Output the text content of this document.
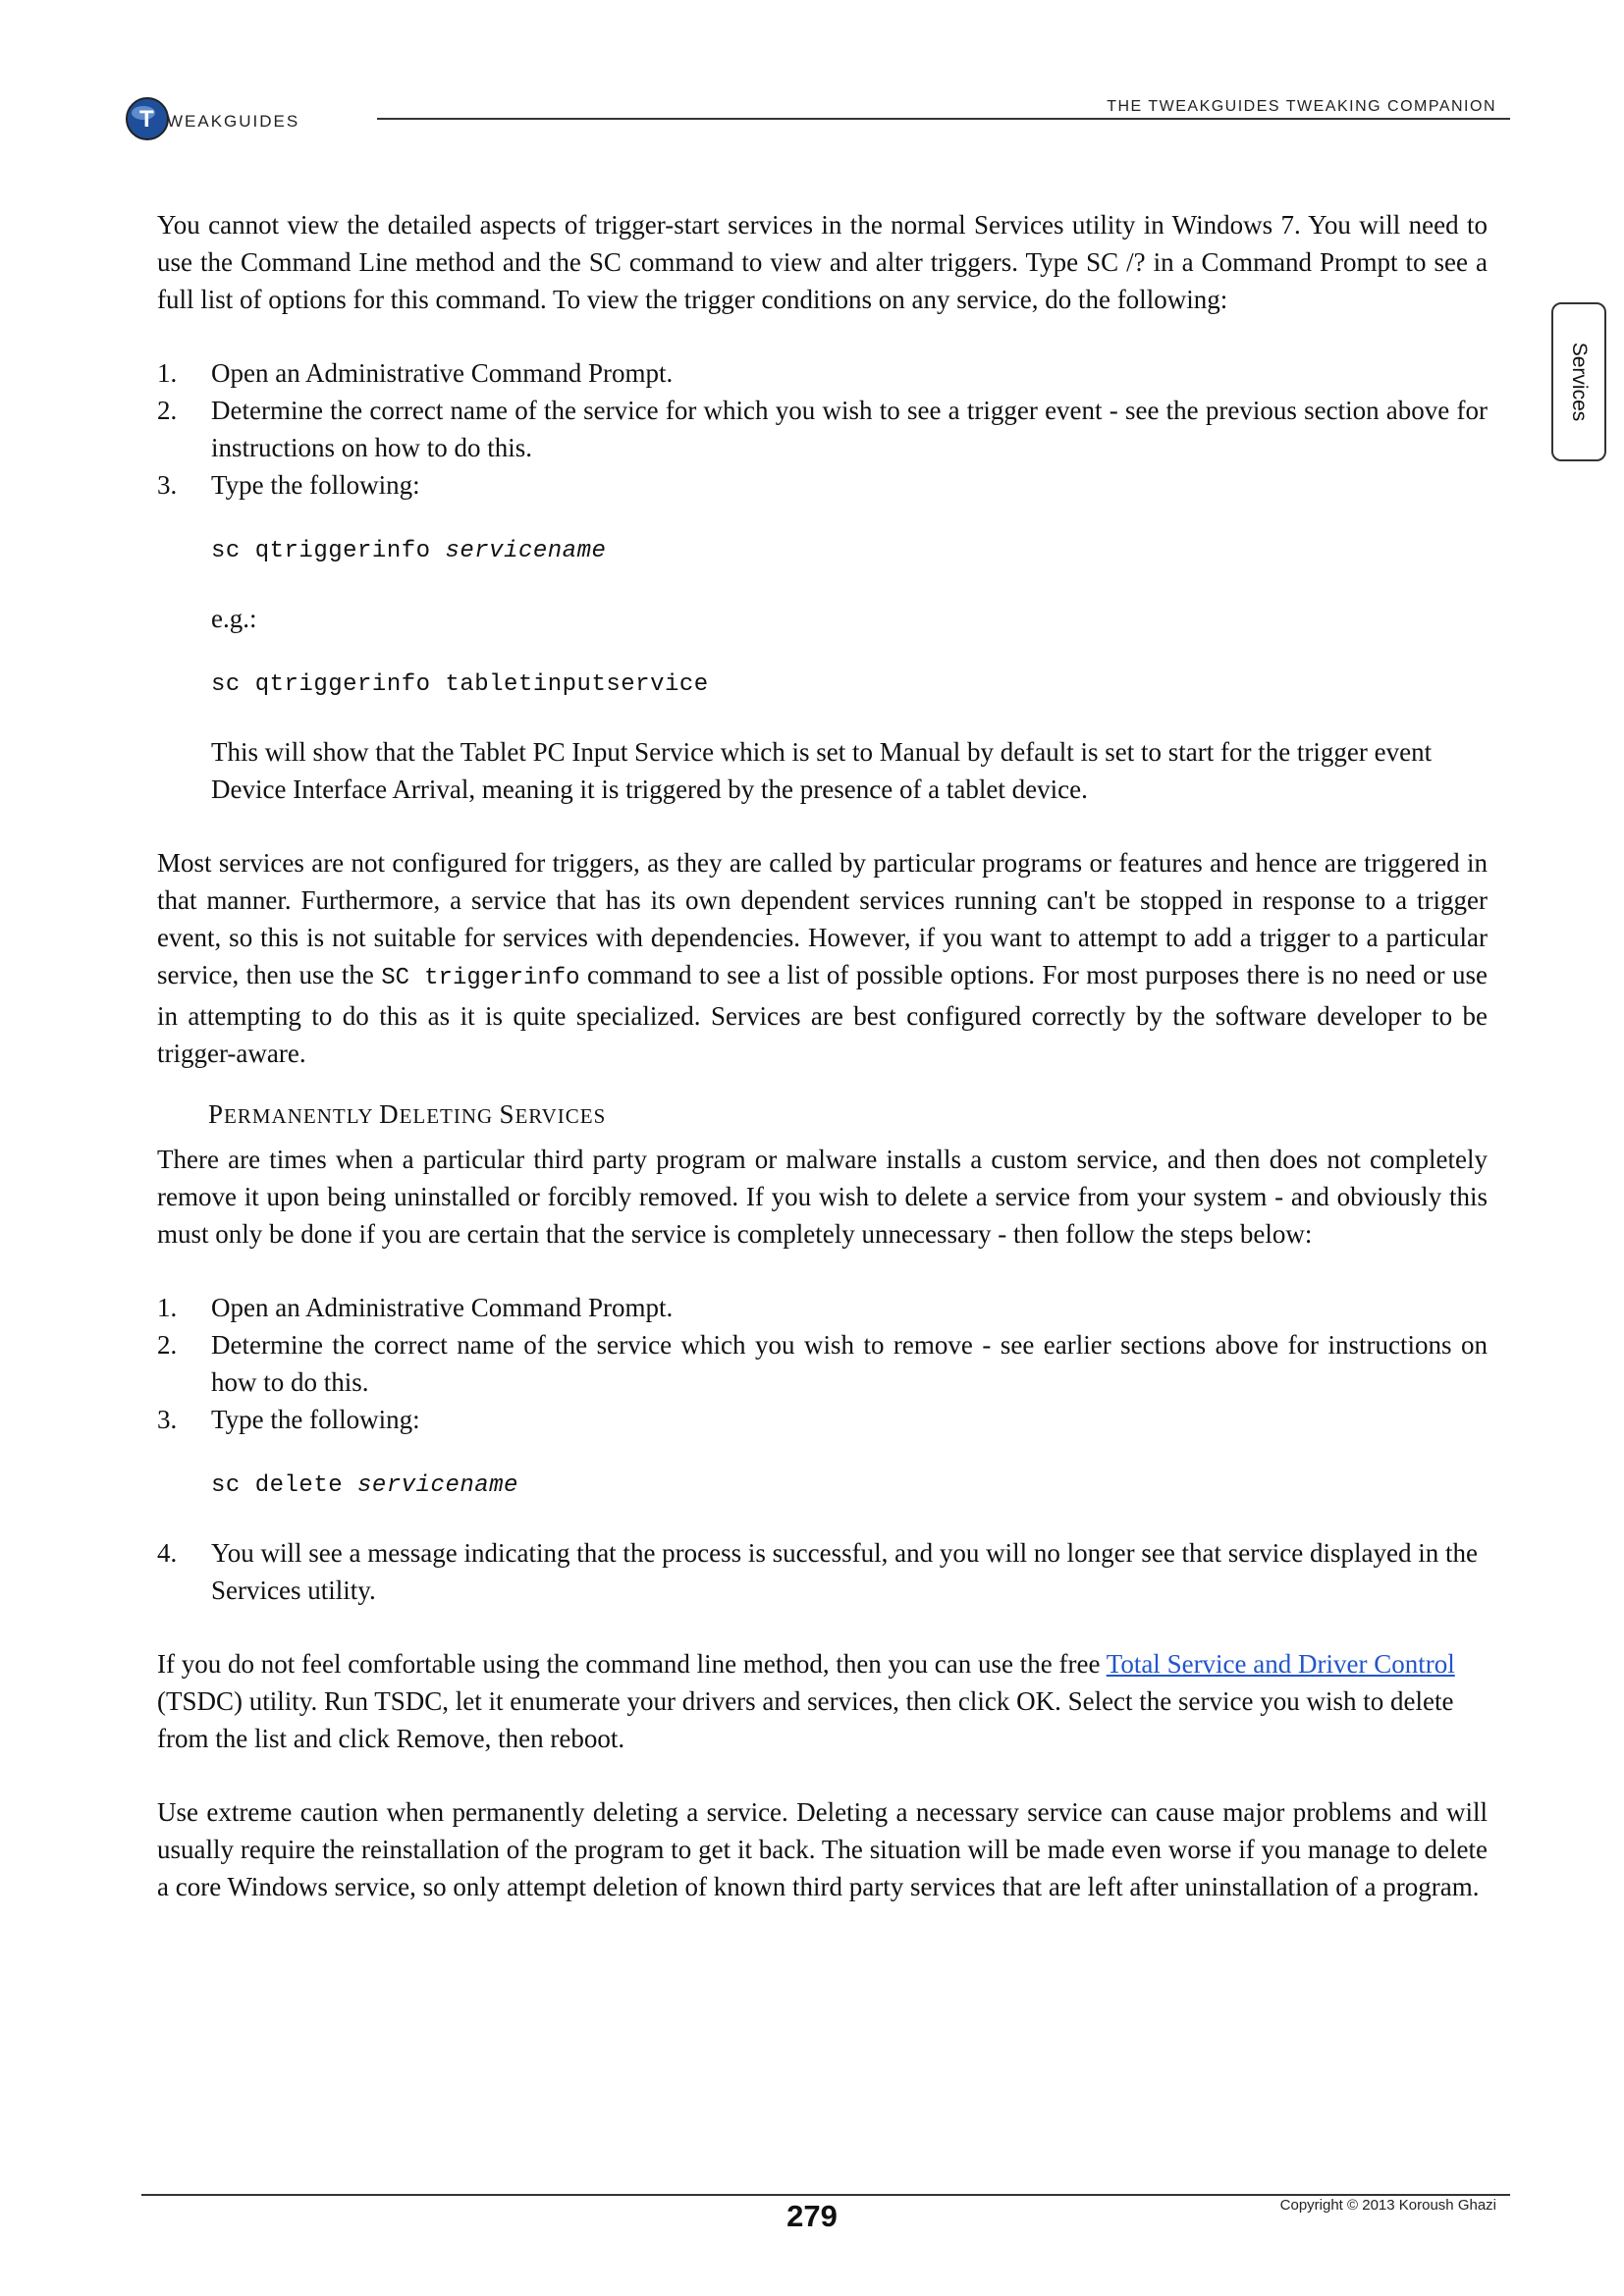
T WEAKGUIDES
THE TWEAKGUIDES TWEAKING COMPANION
Services

You cannot view the detailed aspects of trigger-start services in the normal Services utility in Windows 7. You will need to use the Command Line method and the SC command to view and alter triggers. Type SC /? in a Command Prompt to see a full list of options for this command. To view the trigger conditions on any service, do the following:

1.	Open an Administrative Command Prompt.
2.	Determine the correct name of the service for which you wish to see a trigger event - see the previous section above for instructions on how to do this.
3.	Type the following:

sc qtriggerinfo servicename

e.g.:

sc qtriggerinfo tabletinputservice

This will show that the Tablet PC Input Service which is set to Manual by default is set to start for the trigger event Device Interface Arrival, meaning it is triggered by the presence of a tablet device.

Most services are not configured for triggers, as they are called by particular programs or features and hence are triggered in that manner. Furthermore, a service that has its own dependent services running can't be stopped in response to a trigger event, so this is not suitable for services with dependencies. However, if you want to attempt to add a trigger to a particular service, then use the SC triggerinfo command to see a list of possible options. For most purposes there is no need or use in attempting to do this as it is quite specialized. Services are best configured correctly by the software developer to be trigger-aware.

PERMANENTLY DELETING SERVICES

There are times when a particular third party program or malware installs a custom service, and then does not completely remove it upon being uninstalled or forcibly removed. If you wish to delete a service from your system - and obviously this must only be done if you are certain that the service is completely unnecessary - then follow the steps below:

1.	Open an Administrative Command Prompt.
2.	Determine the correct name of the service which you wish to remove - see earlier sections above for instructions on how to do this.
3.	Type the following:

sc delete servicename

4.	You will see a message indicating that the process is successful, and you will no longer see that service displayed in the Services utility.

If you do not feel comfortable using the command line method, then you can use the free Total Service and Driver Control (TSDC) utility. Run TSDC, let it enumerate your drivers and services, then click OK. Select the service you wish to delete from the list and click Remove, then reboot.

Use extreme caution when permanently deleting a service. Deleting a necessary service can cause major problems and will usually require the reinstallation of the program to get it back. The situation will be made even worse if you manage to delete a core Windows service, so only attempt deletion of known third party services that are left after uninstallation of a program.

279	Copyright © 2013 Koroush Ghazi
